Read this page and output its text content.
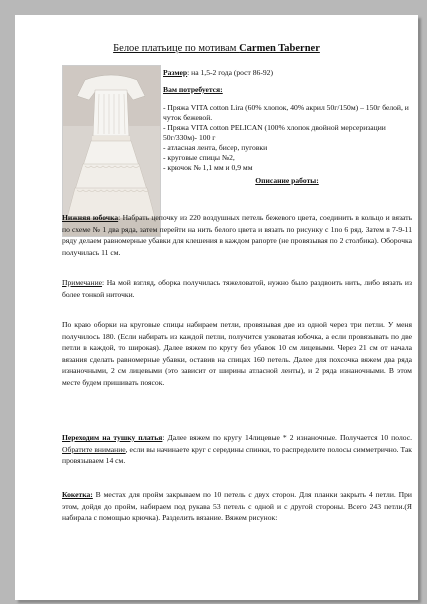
Белое платьице по мотивам Carmen Taberner

Размер: на 1,5-2 года (рост 86-92)

Вам потребуется:

- Пряжа VITA cotton Lira (60% хлопок, 40% акрил 50г/150м) – 150г белой, и чуток бежевой.

- Пряжа VITA cotton PELICAN (100% хлопок двойной мерсеризации 50г/330м)- 100 г

- атласная лента, бисер, пуговки

- круговые спицы №2,

- крючок № 1,1 мм и 0,9 мм

Описание работы:

Нижняя юбочка: Набрать цепочку из 220 воздушных петель бежевого цвета, соединить в кольцо и вязать по схеме № 1 два ряда, затем перейти на нить белого цвета и вязать по рисунку с 1по 6 ряд. Затем в 7-9-11 ряду делаем равномерные убавки для клешения в каждом рапорте (не провязывая по 2 столбика). Оборочка получилась 11 см.

Примечание: На мой взгляд, оборка получилась тяжеловатой, нужно было раздвоить нить, либо вязать из более тонкой ниточки.

По краю оборки на круговые спицы набираем петли, провязывая две из одной через три петли. У меня получилось 180. (Если набирать из каждой петли, получится узковатая юбочка, а если провязывать по две петли в каждой, то широкая). Далее вяжем по кругу без убавок 10 см лицевыми. Через 21 см от начала вязания сделать равномерные убавки, оставив на спицах 160 петель. Далее для похсочка вяжем два ряда изнаночными, 2 см лицевыми (это зависит от ширины атласной ленты), и 2 ряда изнаночными. В этом месте будем пришивать поясок.

Переходим на тушку платья: Далее вяжем по кругу 14лицевые * 2 изнаночные. Получается 10 полос. Обратите внимание, если вы начинаете круг с середины спинки, то распределите полосы симметрично. Так провязываем 14 см.

Кокетка: В местах для пройм закрываем по 10 петель с двух сторон. Для планки закрыть 4 петли. При этом, дойдя до пройм, набираем под рукава 53 петель с одной и с другой стороны. Всего 243 петли.(Я набирала с помощью крючка). Разделить вязание. Вяжем рисунок:
